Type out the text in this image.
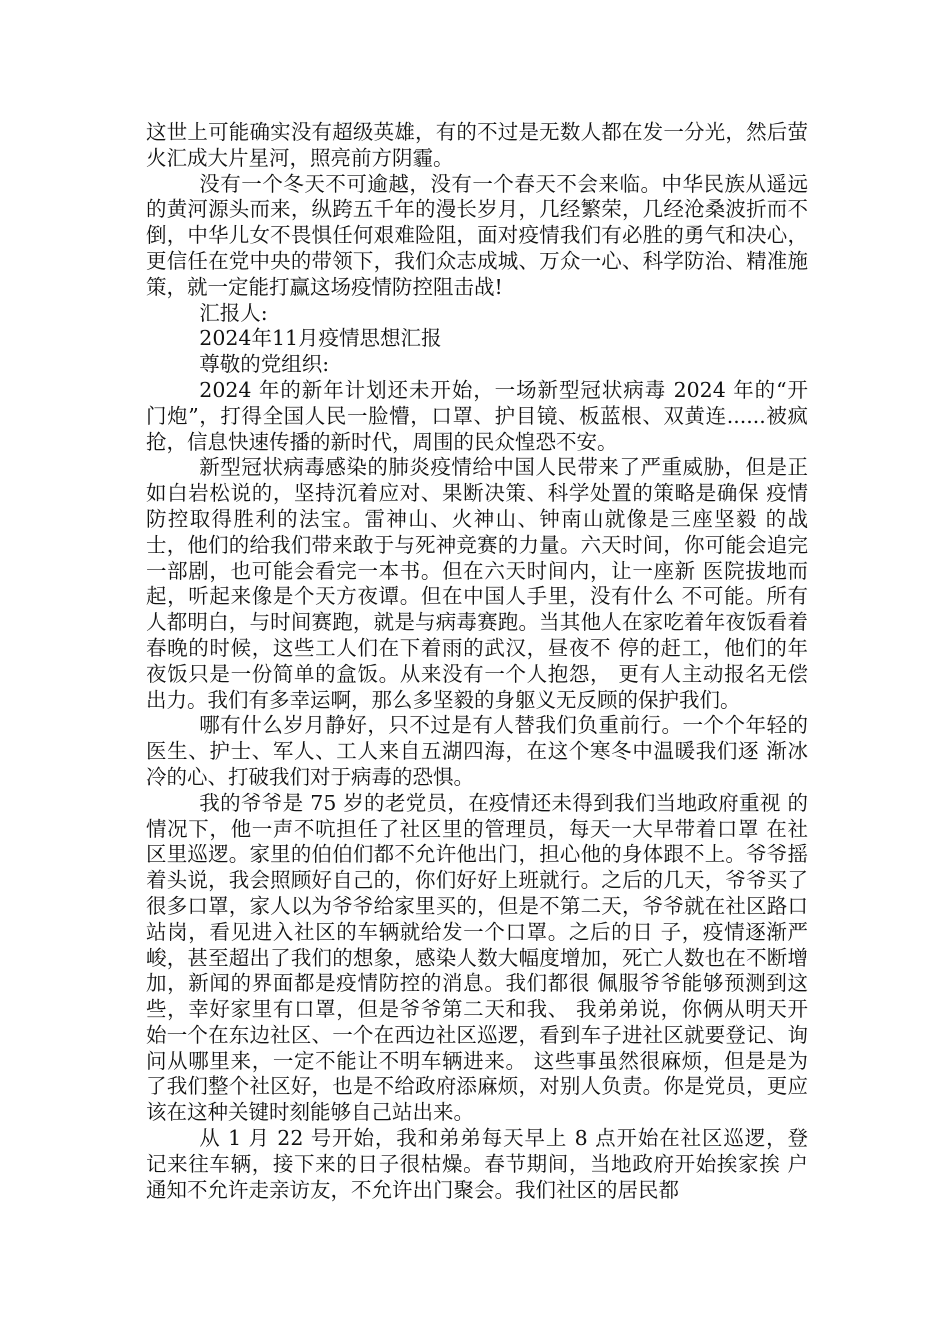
这世上可能确实没有超级英雄，有的不过是无数人都在发一分光，然后萤火汇成大片星河，照亮前方阴霾。

没有一个冬天不可逾越，没有一个春天不会来临。中华民族从遥远的黄河源头而来，纵跨五千年的漫长岁月，几经繁荣，几经沧桑波折而不倒，中华儿女不畏惧任何艰难险阻，面对疫情我们有必胜的勇气和决心，更信任在党中央的带领下，我们众志成城、万众一心、科学防治、精准施策，就一定能打赢这场疫情防控阻击战!

汇报人:

2024年11月疫情思想汇报

尊敬的党组织:

2024 年的新年计划还未开始，一场新型冠状病毒 2024 年的“开 门炮”，打得全国人民一脸懵，口罩、护目镜、板蓝根、双黄连......被疯抢，信息快速传播的新时代，周围的民众惶恐不安。

新型冠状病毒感染的肺炎疫情给中国人民带来了严重威胁，但是正如白岩松说的，坚持沉着应对、果断决策、科学处置的策略是确保 疫情防控取得胜利的法宝。雷神山、火神山、钟南山就像是三座坚毅 的战士，他们的给我们带来敢于与死神竞赛的力量。六天时间，你可能会追完一部剧，也可能会看完一本书。但在六天时间内，让一座新 医院拔地而起，听起来像是个天方夜谭。但在中国人手里，没有什么 不可能。所有人都明白，与时间赛跑，就是与病毒赛跑。当其他人在家吃着年夜饭看着春晚的时候，这些工人们在下着雨的武汉，昼夜不 停的赶工，他们的年夜饭只是一份简单的盒饭。从来没有一个人抱怨， 更有人主动报名无偿出力。我们有多幸运啊，那么多坚毅的身躯义无反顾的保护我们。

哪有什么岁月静好，只不过是有人替我们负重前行。一个个年轻的医生、护士、军人、工人来自五湖四海，在这个寒冬中温暖我们逐 渐冰冷的心、打破我们对于病毒的恐惧。

我的爷爷是 75 岁的老党员，在疫情还未得到我们当地政府重视 的情况下，他一声不吭担任了社区里的管理员，每天一大早带着口罩 在社区里巡逻。家里的伯伯们都不允许他出门，担心他的身体跟不上。爷爷摇着头说，我会照顾好自己的，你们好好上班就行。之后的几天，爷爷买了很多口罩，家人以为爷爷给家里买的，但是不第二天，爷爷就在社区路口站岗，看见进入社区的车辆就给发一个口罩。之后的日 子，疫情逐渐严峻，甚至超出了我们的想象，感染人数大幅度增加，死亡人数也在不断增加，新闻的界面都是疫情防控的消息。我们都很 佩服爷爷能够预测到这些，幸好家里有口罩，但是爷爷第二天和我、 我弟弟说，你俩从明天开始一个在东边社区、一个在西边社区巡逻，看到车子进社区就要登记、询问从哪里来，一定不能让不明车辆进来。 这些事虽然很麻烦，但是是为了我们整个社区好，也是不给政府添麻烦，对别人负责。你是党员，更应该在这种关键时刻能够自己站出来。

从 1 月 22 号开始，我和弟弟每天早上 8 点开始在社区巡逻，登 记来往车辆，接下来的日子很枯燥。春节期间，当地政府开始挨家挨 户通知不允许走亲访友，不允许出门聚会。我们社区的居民都
